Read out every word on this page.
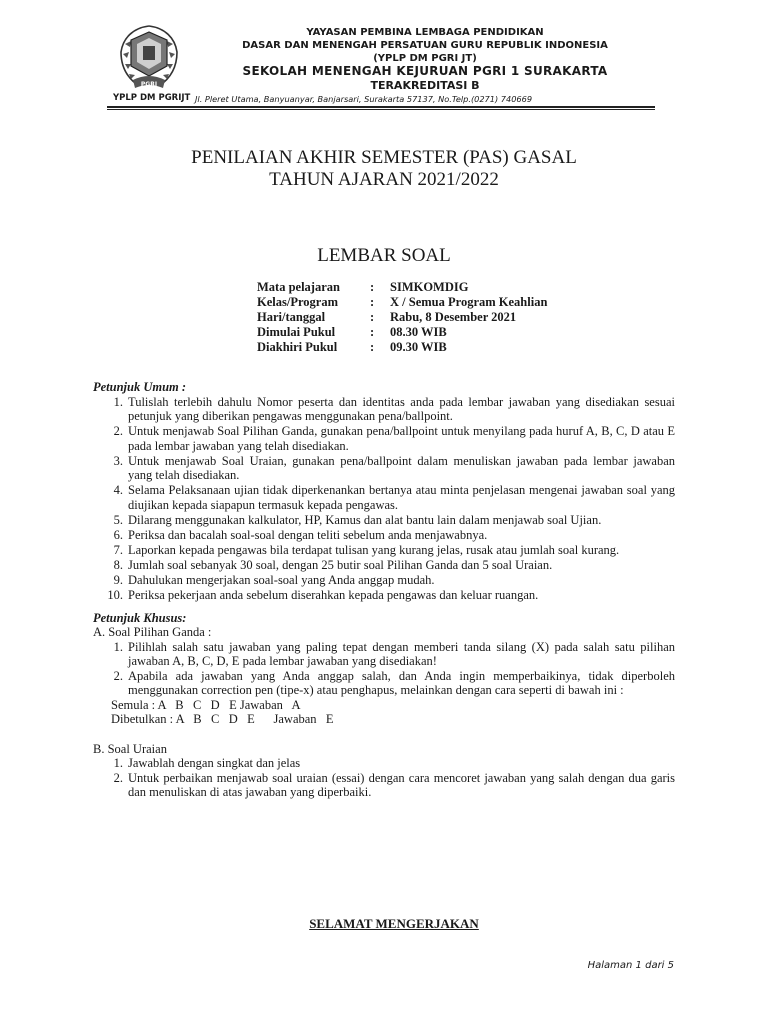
PGRI
YPLP DM PGRIJT
YAYASAN PEMBINA LEMBAGA PENDIDIKAN
DASAR DAN MENENGAH PERSATUAN GURU REPUBLIK INDONESIA
(YPLP DM PGRI JT)
SEKOLAH MENENGAH KEJURUAN PGRI 1 SURAKARTA
TERAKREDITASI B
Jl. Pleret Utama, Banyuanyar, Banjarsari, Surakarta 57137, No.Telp.(0271) 740669
PENILAIAN AKHIR SEMESTER (PAS) GASAL
TAHUN AJARAN 2021/2022
LEMBAR SOAL
Mata pelajaran : SIMKOMDIG
Kelas/Program	: X / Semua Program Keahlian
Hari/tanggal	: Rabu, 8 Desember 2021
Dimulai Pukul	: 08.30 WIB
Diakhiri Pukul	: 09.30 WIB
Petunjuk Umum :
1. Tulislah terlebih dahulu Nomor peserta dan identitas anda pada lembar jawaban yang disediakan sesuai petunjuk yang diberikan pengawas menggunakan pena/ballpoint.
2. Untuk menjawab Soal Pilihan Ganda, gunakan pena/ballpoint untuk menyilang pada huruf A, B, C, D atau E pada lembar jawaban yang telah disediakan.
3. Untuk menjawab Soal Uraian, gunakan pena/ballpoint dalam menuliskan jawaban pada lembar jawaban yang telah disediakan.
4. Selama Pelaksanaan ujian tidak diperkenankan bertanya atau minta penjelasan mengenai jawaban soal yang diujikan kepada siapapun termasuk kepada pengawas.
5. Dilarang menggunakan kalkulator, HP, Kamus dan alat bantu lain dalam menjawab soal Ujian.
6. Periksa dan bacalah soal-soal dengan teliti sebelum anda menjawabnya.
7. Laporkan kepada pengawas bila terdapat tulisan yang kurang jelas, rusak atau jumlah soal kurang.
8. Jumlah soal sebanyak 30 soal, dengan 25 butir soal Pilihan Ganda dan 5 soal Uraian.
9. Dahulukan mengerjakan soal-soal yang Anda anggap mudah.
10. Periksa pekerjaan anda sebelum diserahkan kepada pengawas dan keluar ruangan.
Petunjuk Khusus:
A. Soal Pilihan Ganda :
1. Pilihlah salah satu jawaban yang paling tepat dengan memberi tanda silang (X) pada salah satu pilihan jawaban A, B, C, D, E pada lembar jawaban yang disediakan!
2. Apabila ada jawaban yang Anda anggap salah, dan Anda ingin memperbaikinya, tidak diperboleh menggunakan correction pen (tipe-x) atau penghapus, melainkan dengan cara seperti di bawah ini :
Semula : A   B   C   D   E Jawaban   A
Dibetulkan : A   B   C   D   E      Jawaban   E
B. Soal Uraian
1. Jawablah dengan singkat dan jelas
2. Untuk perbaikan menjawab soal uraian (essai) dengan cara mencoret jawaban yang salah dengan dua garis dan menuliskan di atas jawaban yang diperbaiki.
SELAMAT MENGERJAKAN
Halaman 1 dari 5
